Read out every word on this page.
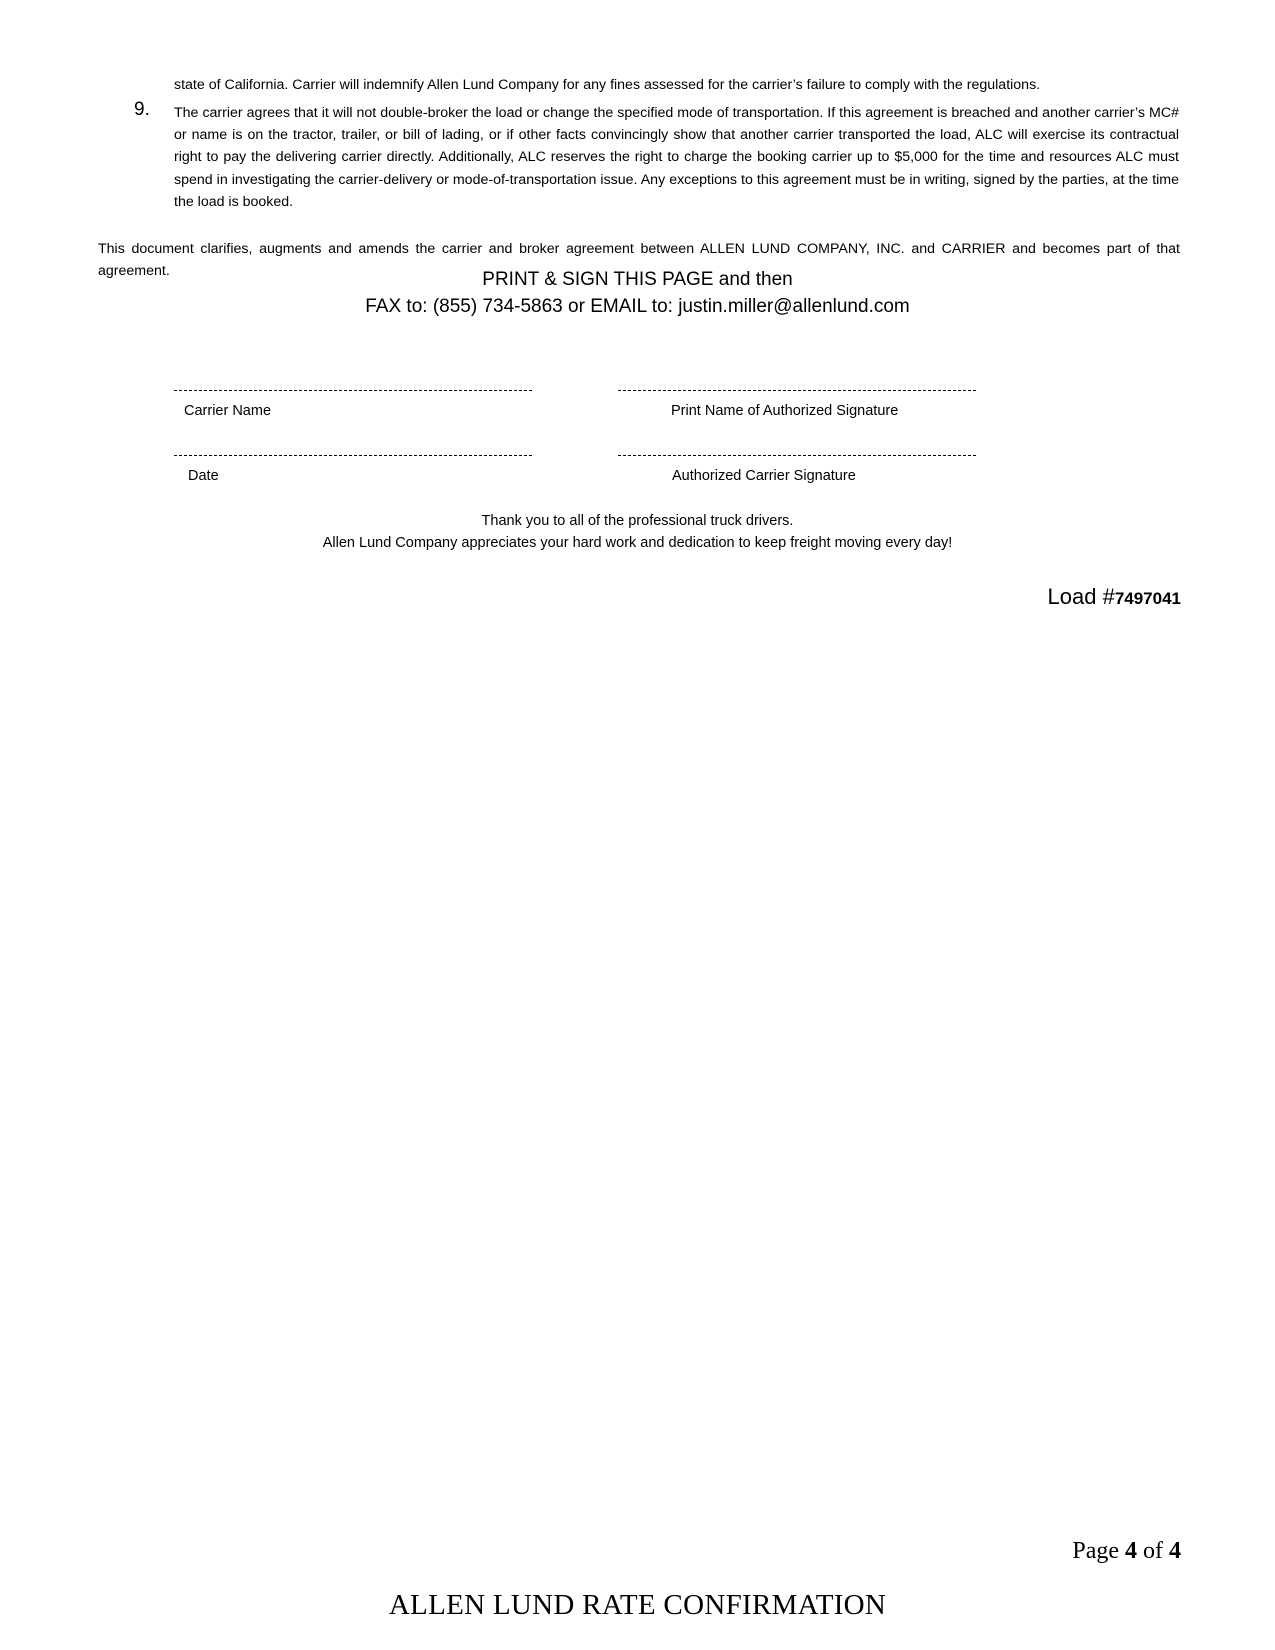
state of California. Carrier will indemnify Allen Lund Company for any fines assessed for the carrier’s failure to comply with the regulations.
9. The carrier agrees that it will not double-broker the load or change the specified mode of transportation. If this agreement is breached and another carrier’s MC# or name is on the tractor, trailer, or bill of lading, or if other facts convincingly show that another carrier transported the load, ALC will exercise its contractual right to pay the delivering carrier directly. Additionally, ALC reserves the right to charge the booking carrier up to $5,000 for the time and resources ALC must spend in investigating the carrier-delivery or mode-of-transportation issue. Any exceptions to this agreement must be in writing, signed by the parties, at the time the load is booked.
This document clarifies, augments and amends the carrier and broker agreement between ALLEN LUND COMPANY, INC. and CARRIER and becomes part of that agreement.	PRINT & SIGN THIS PAGE and then
FAX to: (855) 734-5863 or EMAIL to: justin.miller@allenlund.com
Carrier Name	Print Name of Authorized Signature
Date	Authorized Carrier Signature
Thank you to all of the professional truck drivers.
Allen Lund Company appreciates your hard work and dedication to keep freight moving every day!
Load #7497041
Page 4 of 4
ALLEN LUND RATE CONFIRMATION
